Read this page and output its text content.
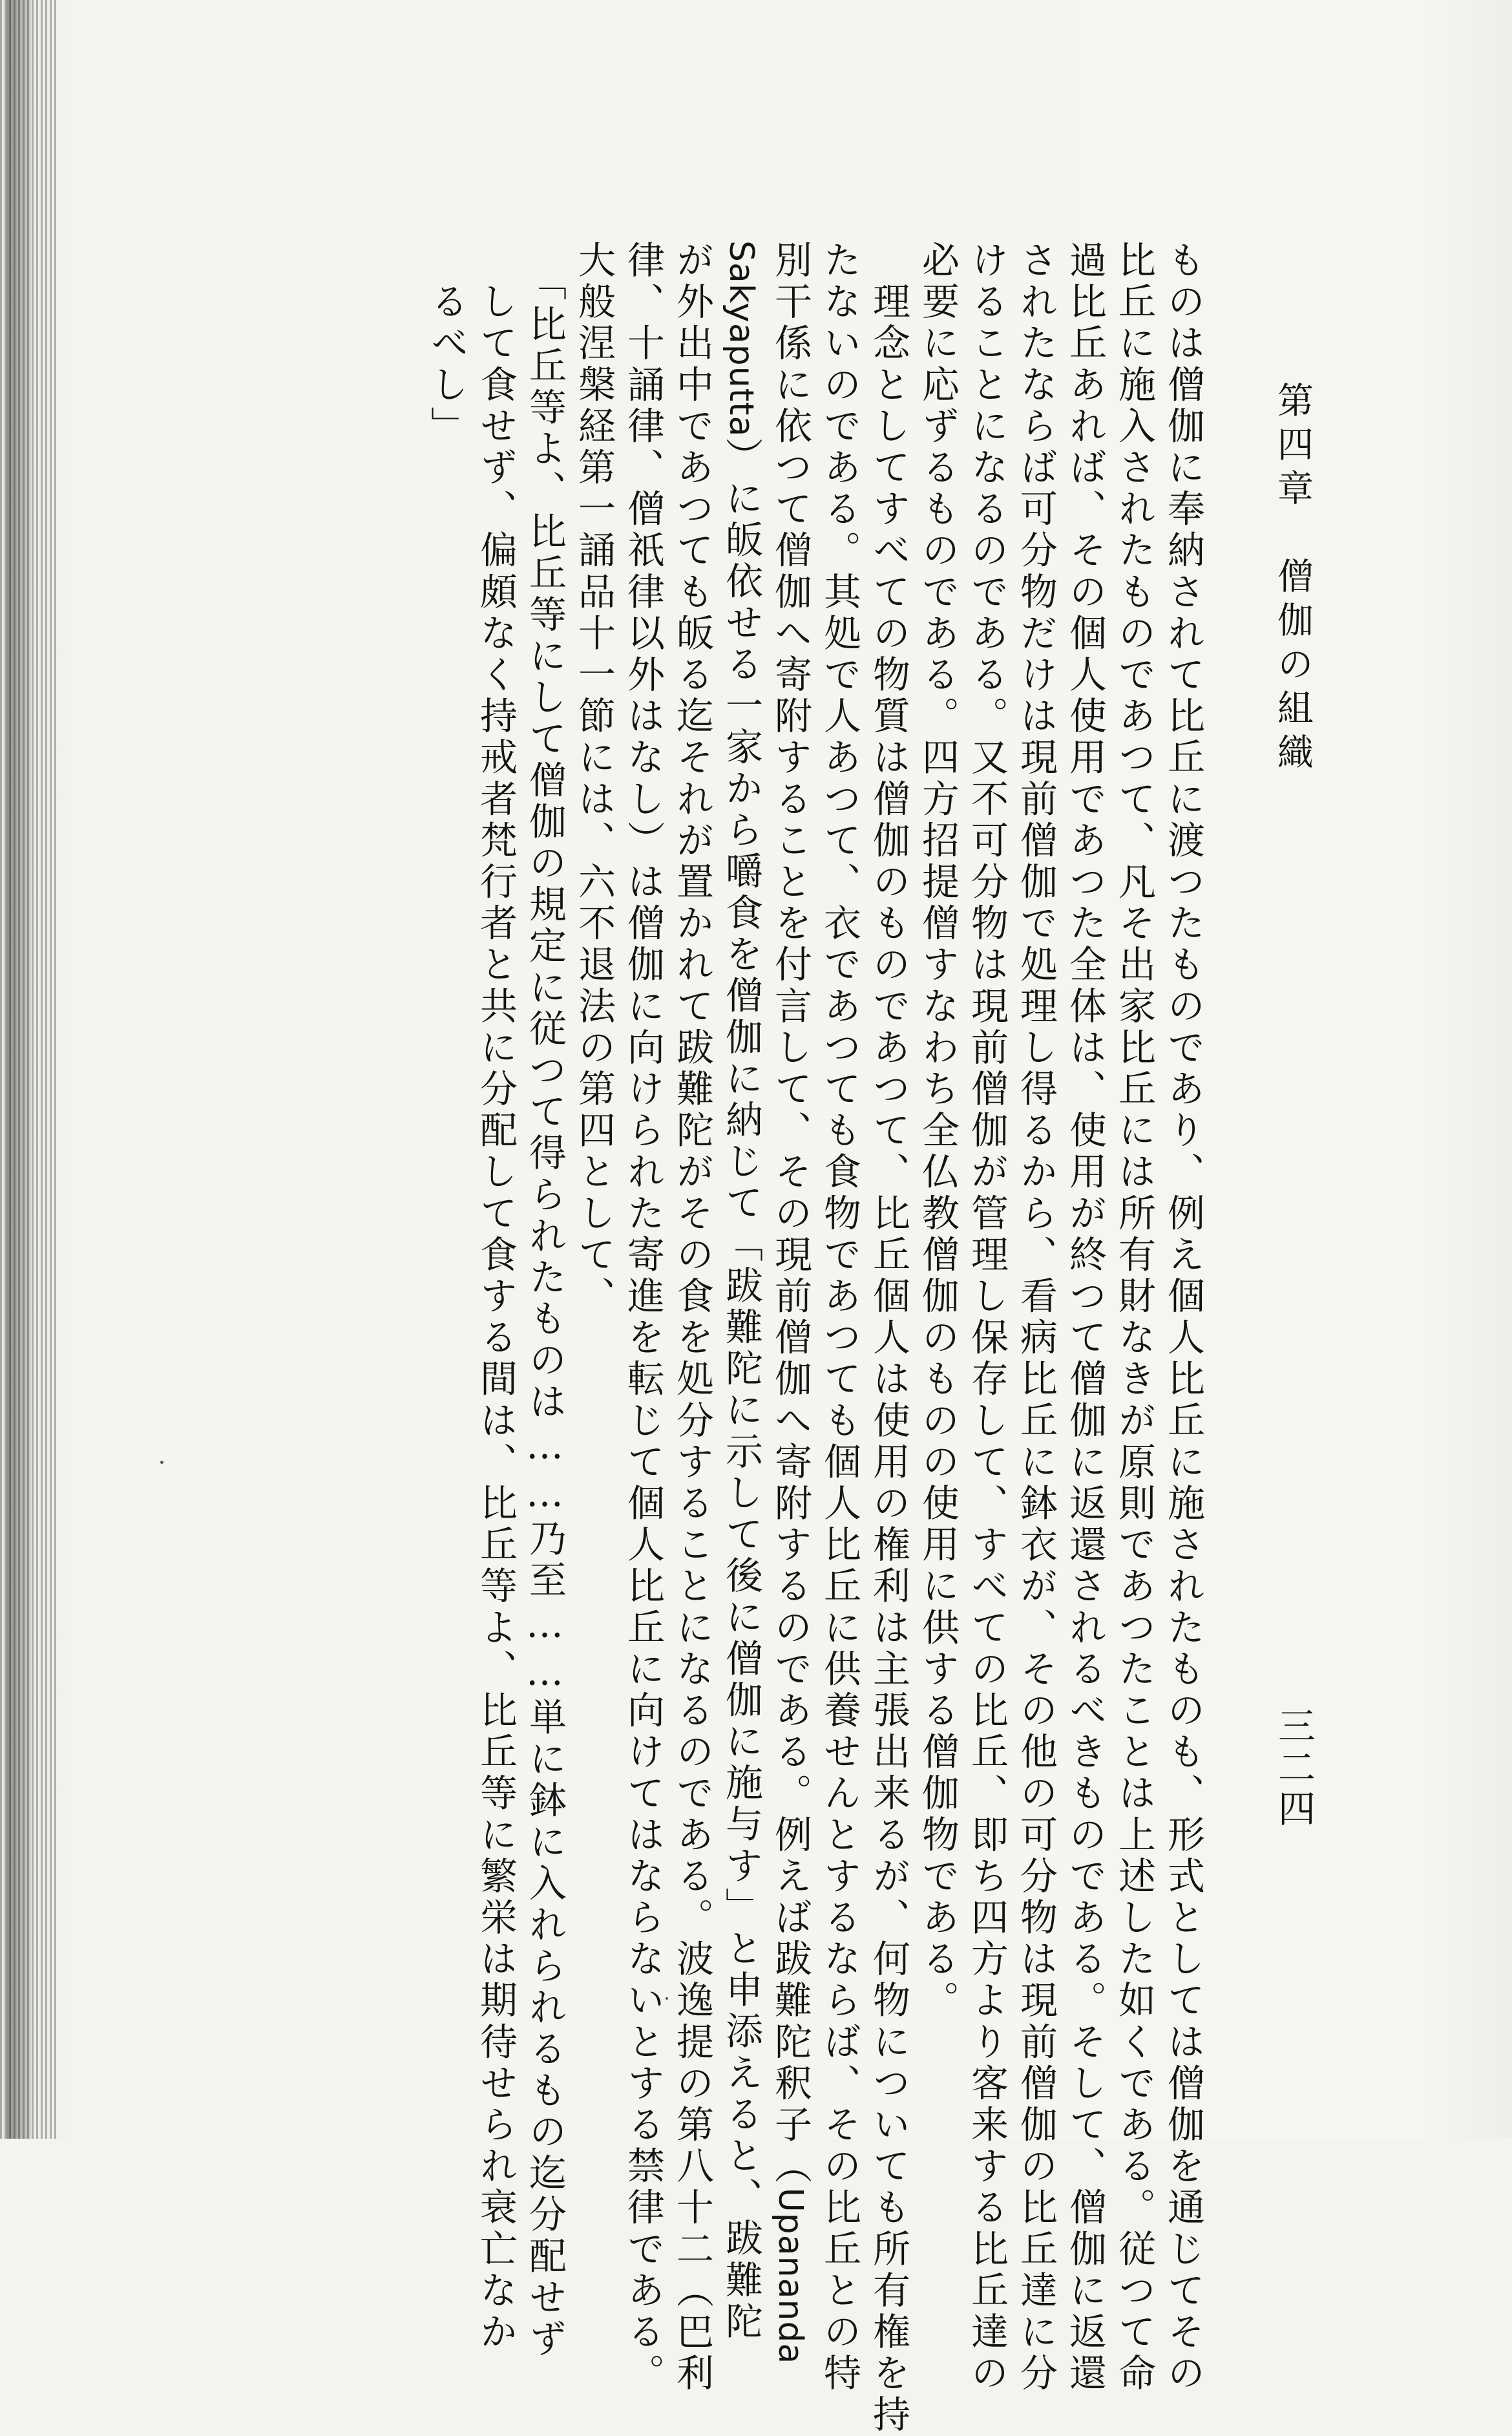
第四章　僧伽の組織
三二四
ものは僧伽に奉納されて比丘に渡つたものであり、例え個人比丘に施されたものも、形式としては僧伽を通じてその
比丘に施入されたものであつて、凡そ出家比丘には所有財なきが原則であつたことは上述した如くである。従つて命
過比丘あれば、その個人使用であつた全体は、使用が終つて僧伽に返還されるべきものである。そして、僧伽に返還
されたならば可分物だけは現前僧伽で処理し得るから、看病比丘に鉢衣が、その他の可分物は現前僧伽の比丘達に分
けることになるのである。又不可分物は現前僧伽が管理し保存して、すべての比丘、即ち四方より客来する比丘達の
必要に応ずるものである。四方招提僧すなわち全仏教僧伽のものの使用に供する僧伽物である。
　理念としてすべての物質は僧伽のものであつて、比丘個人は使用の権利は主張出来るが、何物についても所有権を持
たないのである。其処で人あつて、衣であつても食物であつても個人比丘に供養せんとするならば、その比丘との特
別干係に依つて僧伽へ寄附することを付言して、その現前僧伽へ寄附するのである。例えば跋難陀釈子（Upananda
Sakyaputta）に皈依せる一家から嚼食を僧伽に納じて「跋難陀に示して後に僧伽に施与す」と申添えると、跋難陀
が外出中であつても皈る迄それが置かれて跋難陀がその食を処分することになるのである。波逸提の第八十二（巴利
律、十誦律、僧祇律以外はなし）は僧伽に向けられた寄進を転じて個人比丘に向けてはならないとする禁律である。
大般涅槃経第一誦品十一節には、六不退法の第四として、
　「比丘等よ、比丘等にして僧伽の規定に従つて得られたものは……乃至……単に鉢に入れられるもの迄分配せず
　して食せず、偏頗なく持戒者梵行者と共に分配して食する間は、比丘等よ、比丘等に繁栄は期待せられ衰亡なか
　るべし」
